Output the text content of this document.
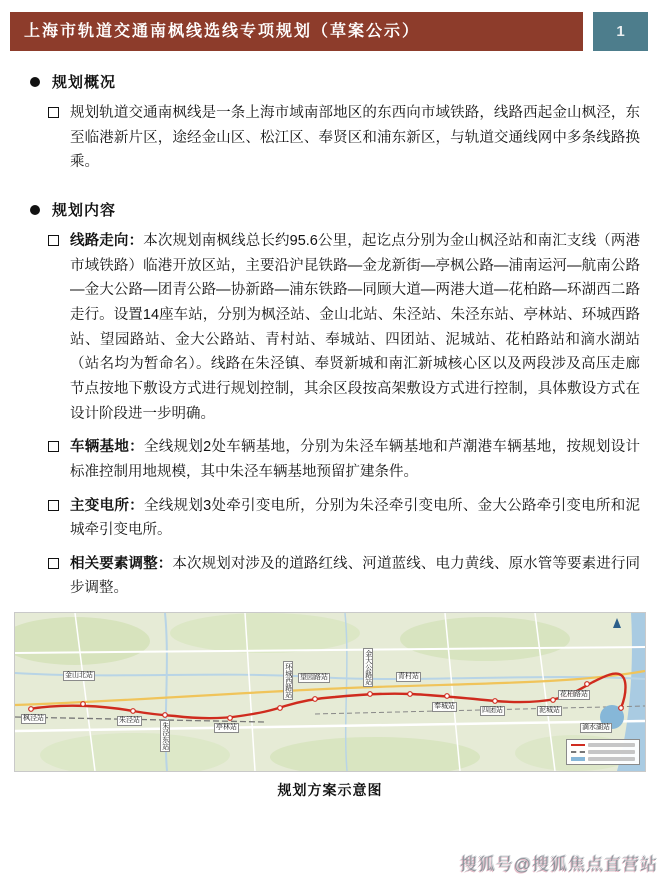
上海市轨道交通南枫线选线专项规划（草案公示）	1
规划概况

规划轨道交通南枫线是一条上海市域南部地区的东西向市域铁路，线路西起金山枫泾，东至临港新片区，途经金山区、松江区、奉贤区和浦东新区，与轨道交通线网中多条线路换乘。

规划内容

线路走向：本次规划南枫线总长约95.6公里，起讫点分别为金山枫泾站和南汇支线（两港市域铁路）临港开放区站，主要沿沪昆铁路—金龙新街—亭枫公路—浦南运河—航南公路—金大公路—团青公路—协新路—浦东铁路—同顾大道—两港大道—花柏路—环湖西二路走行。设置14座车站，分别为枫泾站、金山北站、朱泾站、朱泾东站、亭林站、环城西路站、望园路站、金大公路站、青村站、奉城站、四团站、泥城站、花柏路站和滴水湖站（站名均为暂命名）。线路在朱泾镇、奉贤新城和南汇新城核心区以及两段涉及高压走廊节点按地下敷设方式进行规划控制，其余区段按高架敷设方式进行控制，具体敷设方式在设计阶段进一步明确。

车辆基地：全线规划2处车辆基地，分别为朱泾车辆基地和芦潮港车辆基地，按规划设计标准控制用地规模，其中朱泾车辆基地预留扩建条件。

主变电所：全线规划3处牵引变电所，分别为朱泾牵引变电所、金大公路牵引变电所和泥城牵引变电所。

相关要素调整：本次规划对涉及的道路红线、河道蓝线、电力黄线、原水管等要素进行同步调整。

枫泾站
金山北站
朱泾站
朱泾东站	亭林站
环城西路站 望园路站	金大公路站	青村站
奉城站
四团站	泥城站
花柏路站
滴水湖站
规划方案示意图
搜狐号@搜狐焦点直营站
